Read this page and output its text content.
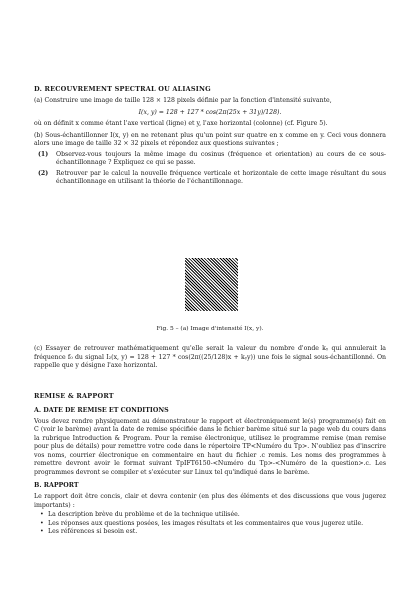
D. RECOUVREMENT SPECTRAL OU ALIASING

(a) Construire une image de taille 128 × 128 pixels définie par la fonction d'intensité suivante,

I(x, y) = 128 + 127 * cos(2π(25x + 31y)/128).

où on définit x comme étant l'axe vertical (ligne) et y, l'axe horizontal (colonne) (cf. Figure 5).

(b) Sous-échantillonner I(x, y) en ne retenant plus qu'un point sur quatre en x comme en y. Ceci vous donnera alors une image de taille 32 × 32 pixels et répondez aux questions suivantes ;

(1) Observez-vous toujours la même image du cosinus (fréquence et orientation) au cours de ce sous-échantillonnage ? Expliquez ce qui se passe.
(2) Retrouver par le calcul la nouvelle fréquence verticale et horizontale de cette image résultant du sous échantillonnage en utilisant la théorie de l'échantillonnage.
Fig. 5 – (a) Image d'intensité I(x, y).

(c) Essayer de retrouver mathématiquement qu'elle serait la valeur du nombre d'onde kᵧ qui annulerait la fréquence f₀ du signal I₂(x, y) = 128 + 127 * cos(2π((25/128)x + kᵧy)) une fois le signal sous-échantillonné. On rappelle que y désigne l'axe horizontal.

REMISE & RAPPORT
A. DATE DE REMISE ET CONDITIONS

Vous devez rendre physiquement au démonstrateur le rapport et électroniquement le(s) programme(s) fait en C (voir le barème) avant la date de remise spécifiée dans le fichier barème situé sur la page web du cours dans la rubrique Introduction & Program. Pour la remise électronique, utilisez le programme remise (man remise pour plus de détails) pour remettre votre code dans le répertoire TP<Numéro du Tp>. N'oubliez pas d'inscrire vos noms, courrier électronique en commentaire en haut du fichier .c remis. Les noms des programmes à remettre devront avoir le format suivant TpIFT6150-<Numéro du Tp>-<Numéro de la question>.c. Les programmes devront se compiler et s'exécuter sur Linux tel qu'indiqué dans le barème.

B. RAPPORT

Le rapport doit être concis, clair et devra contenir (en plus des éléments et des discussions que vous jugerez importants) :

• La description brève du problème et de la technique utilisée.
• Les réponses aux questions posées, les images résultats et les commentaires que vous jugerez utile.
• Les références si besoin est.
